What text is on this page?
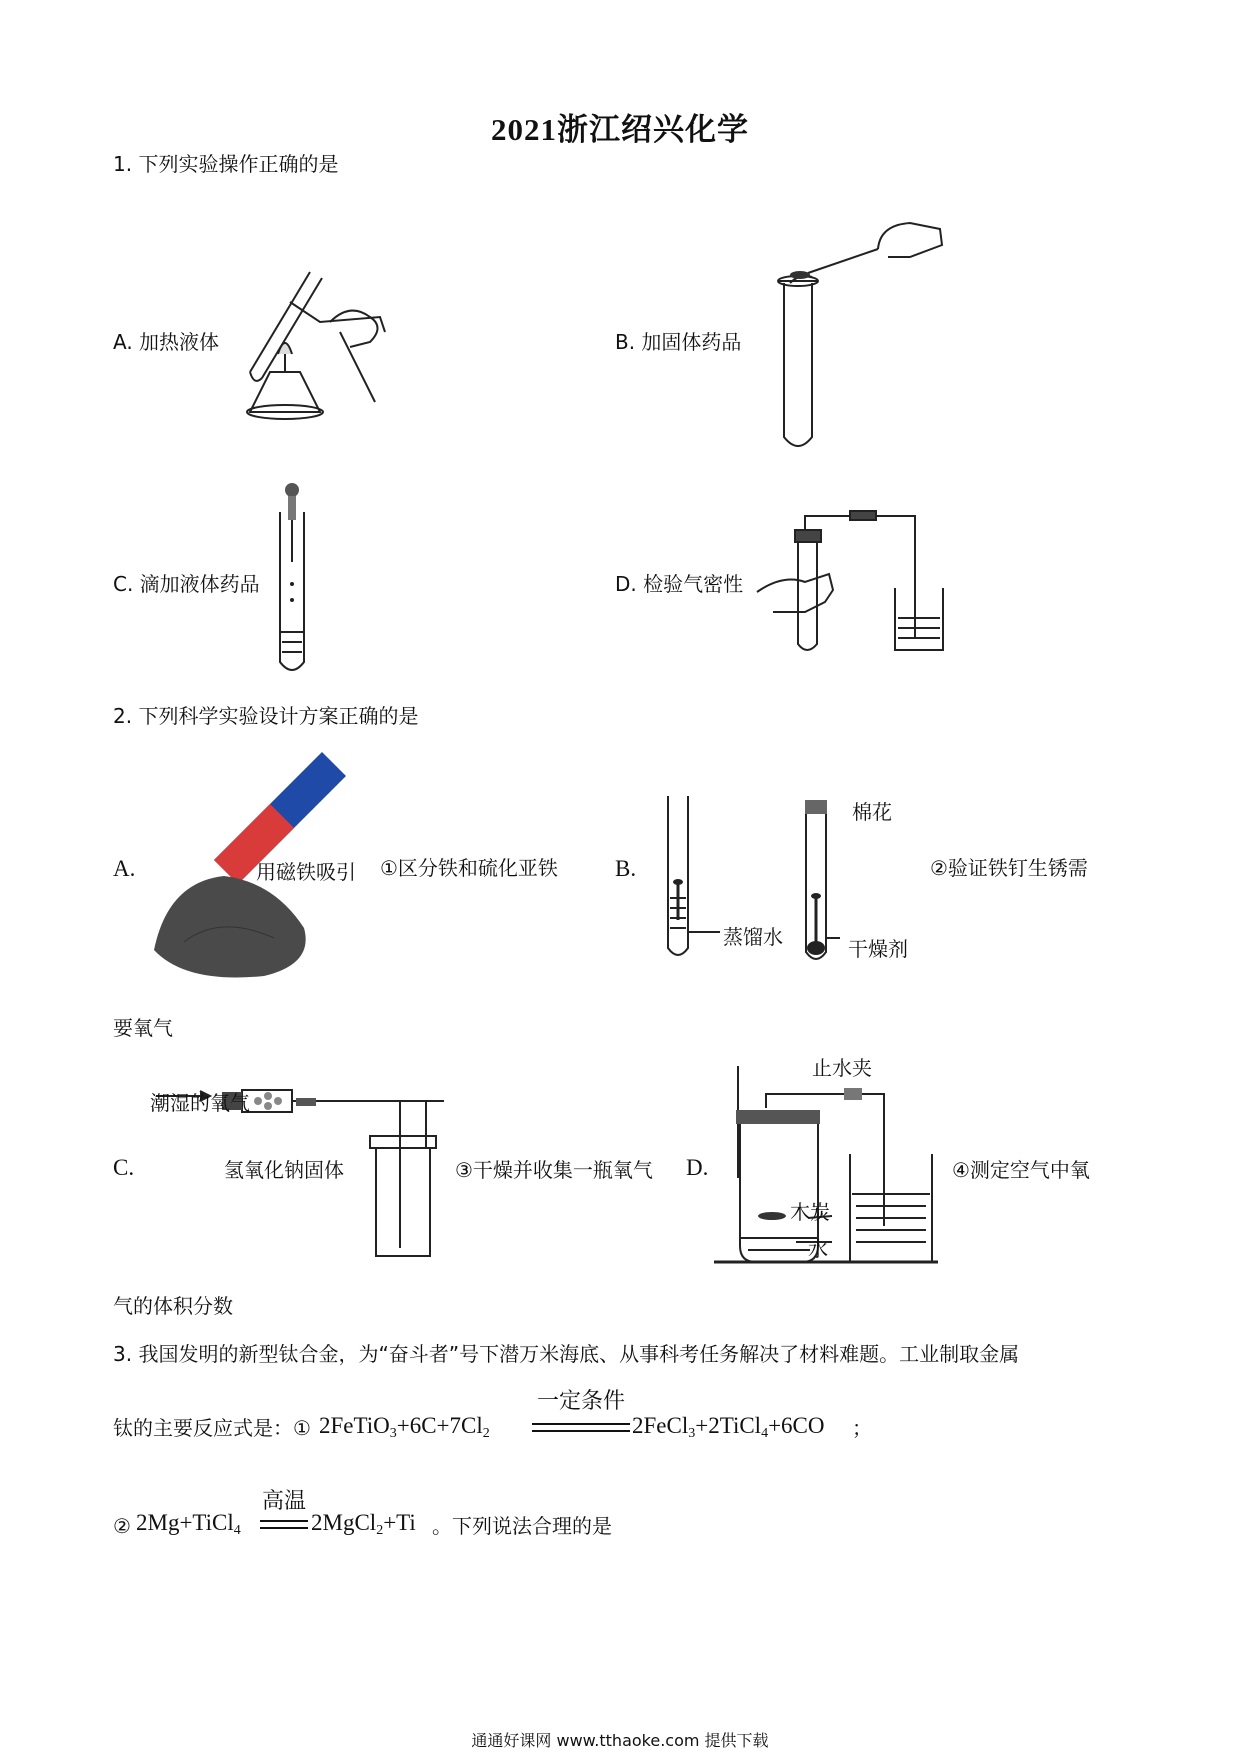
2021浙江绍兴化学
1. 下列实验操作正确的是
A. 加热液体	B. 加固体药品
C. 滴加液体药品	D. 检验气密性
2. 下列科学实验设计方案正确的是
A.	用磁铁吸引 ①区分铁和硫化亚铁 B.
棉花
蒸馏水	干燥剂
②验证铁钉生锈需
要氧气
C.
潮湿的氧气
氢氧化钠固体	③干燥并收集一瓶氧气 D.
止水夹
木炭
水
④测定空气中氧
气的体积分数
3. 我国发明的新型钛合金，为“奋斗者”号下潜万米海底、从事科考任务解决了材料难题。工业制取金属
钛的主要反应式是：① $2FeTiO_3+6C+7Cl_2$
一定条件
2FeCl$_3$+2TiCl$_4$+6CO ；
② 2Mg+TiCl$_4$
高温
2MgCl$_2$+Ti 。下列说法合理的是
通通好课网 www.tthaoke.com 提供下载
